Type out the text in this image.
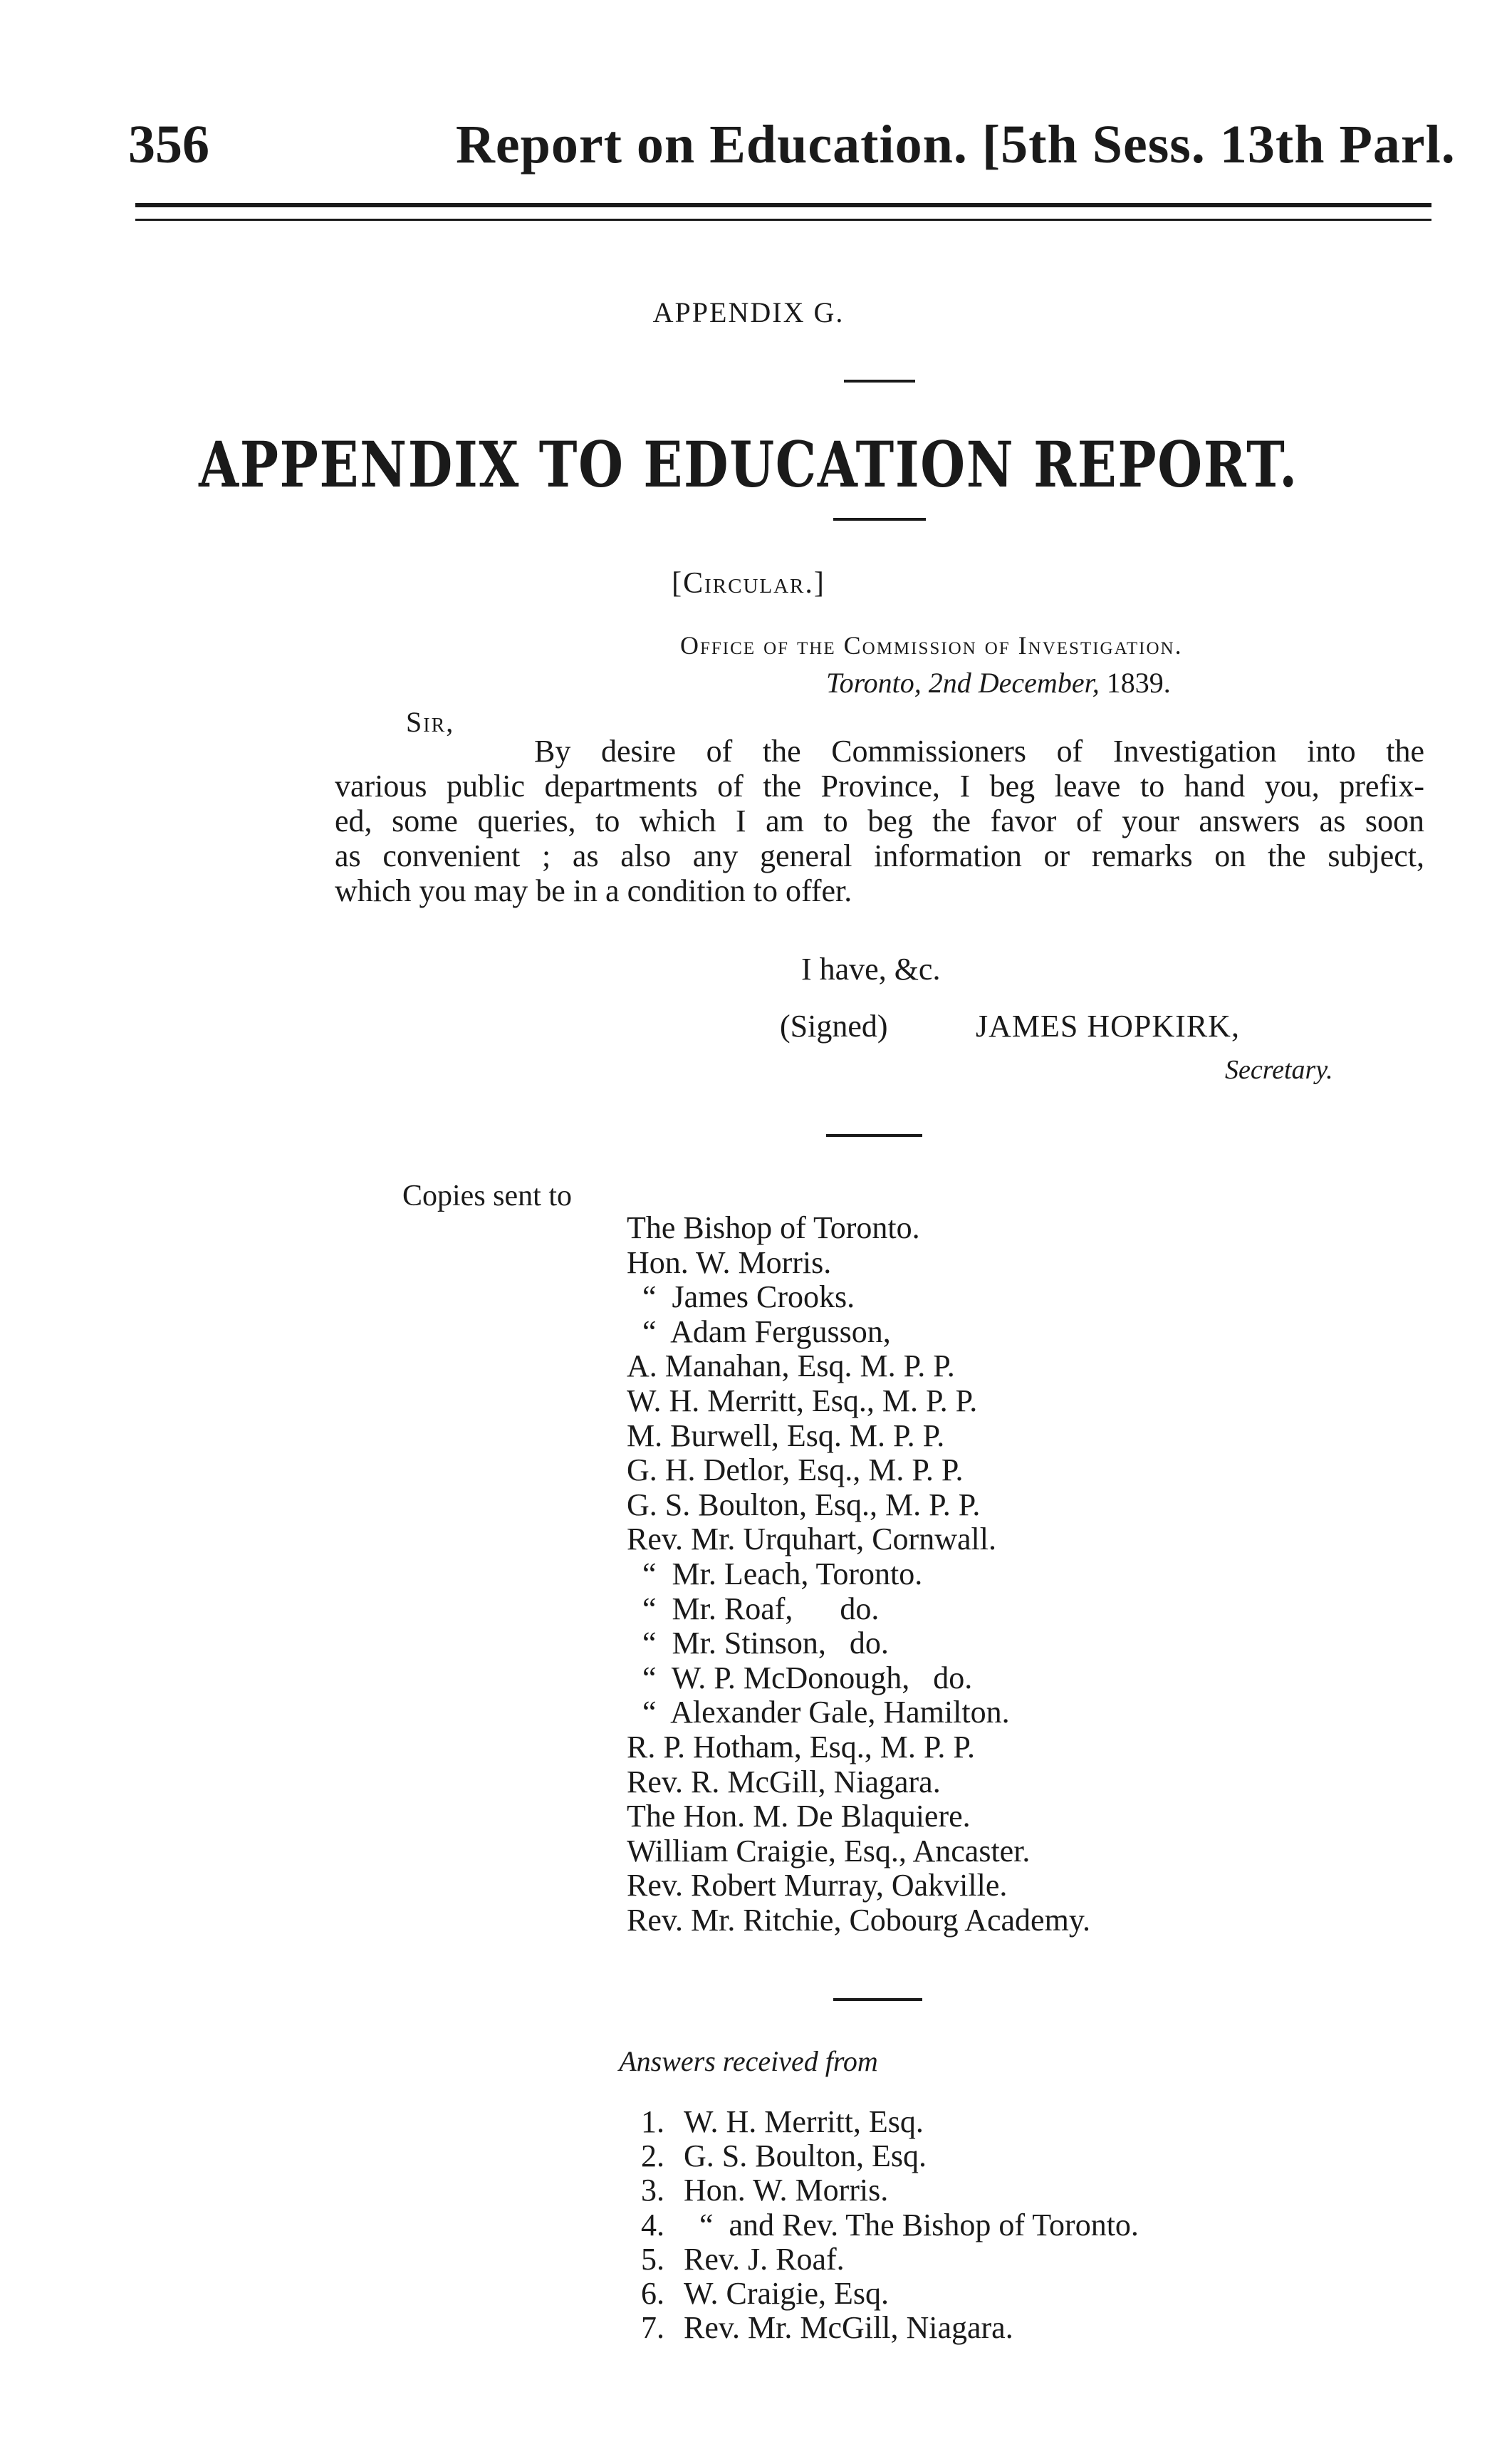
356	Report on Education. [5th Sess. 13th Parl.
APPENDIX G.
APPENDIX TO EDUCATION REPORT.
[Circular.]
Office of the Commission of Investigation.
Toronto, 2nd December, 1839.
Sir,
By desire of the Commissioners of Investigation into the
various public departments of the Province, I beg leave to hand you, prefix-
ed, some queries, to which I am to beg the favor of your answers as soon
as convenient ; as also any general information or remarks on the subject,
which you may be in a condition to offer.
I have, &c.
(Signed)	JAMES HOPKIRK,
Secretary.
Copies sent to
The Bishop of Toronto.
Hon. W. Morris.
“  James Crooks.
“  Adam Fergusson,
A. Manahan, Esq. M. P. P.
W. H. Merritt, Esq., M. P. P.
M. Burwell, Esq. M. P. P.
G. H. Detlor, Esq., M. P. P.
G. S. Boulton, Esq., M. P. P.
Rev. Mr. Urquhart, Cornwall.
“  Mr. Leach, Toronto.
“  Mr. Roaf,      do.
“  Mr. Stinson,   do.
“  W. P. McDonough,   do.
“  Alexander Gale, Hamilton.
R. P. Hotham, Esq., M. P. P.
Rev. R. McGill, Niagara.
The Hon. M. De Blaquiere.
William Craigie, Esq., Ancaster.
Rev. Robert Murray, Oakville.
Rev. Mr. Ritchie, Cobourg Academy.
Answers received from
1. W. H. Merritt, Esq.
2. G. S. Boulton, Esq.
3. Hon. W. Morris.
4.  “  and Rev. The Bishop of Toronto.
5. Rev. J. Roaf.
6. W. Craigie, Esq.
7. Rev. Mr. McGill, Niagara.
